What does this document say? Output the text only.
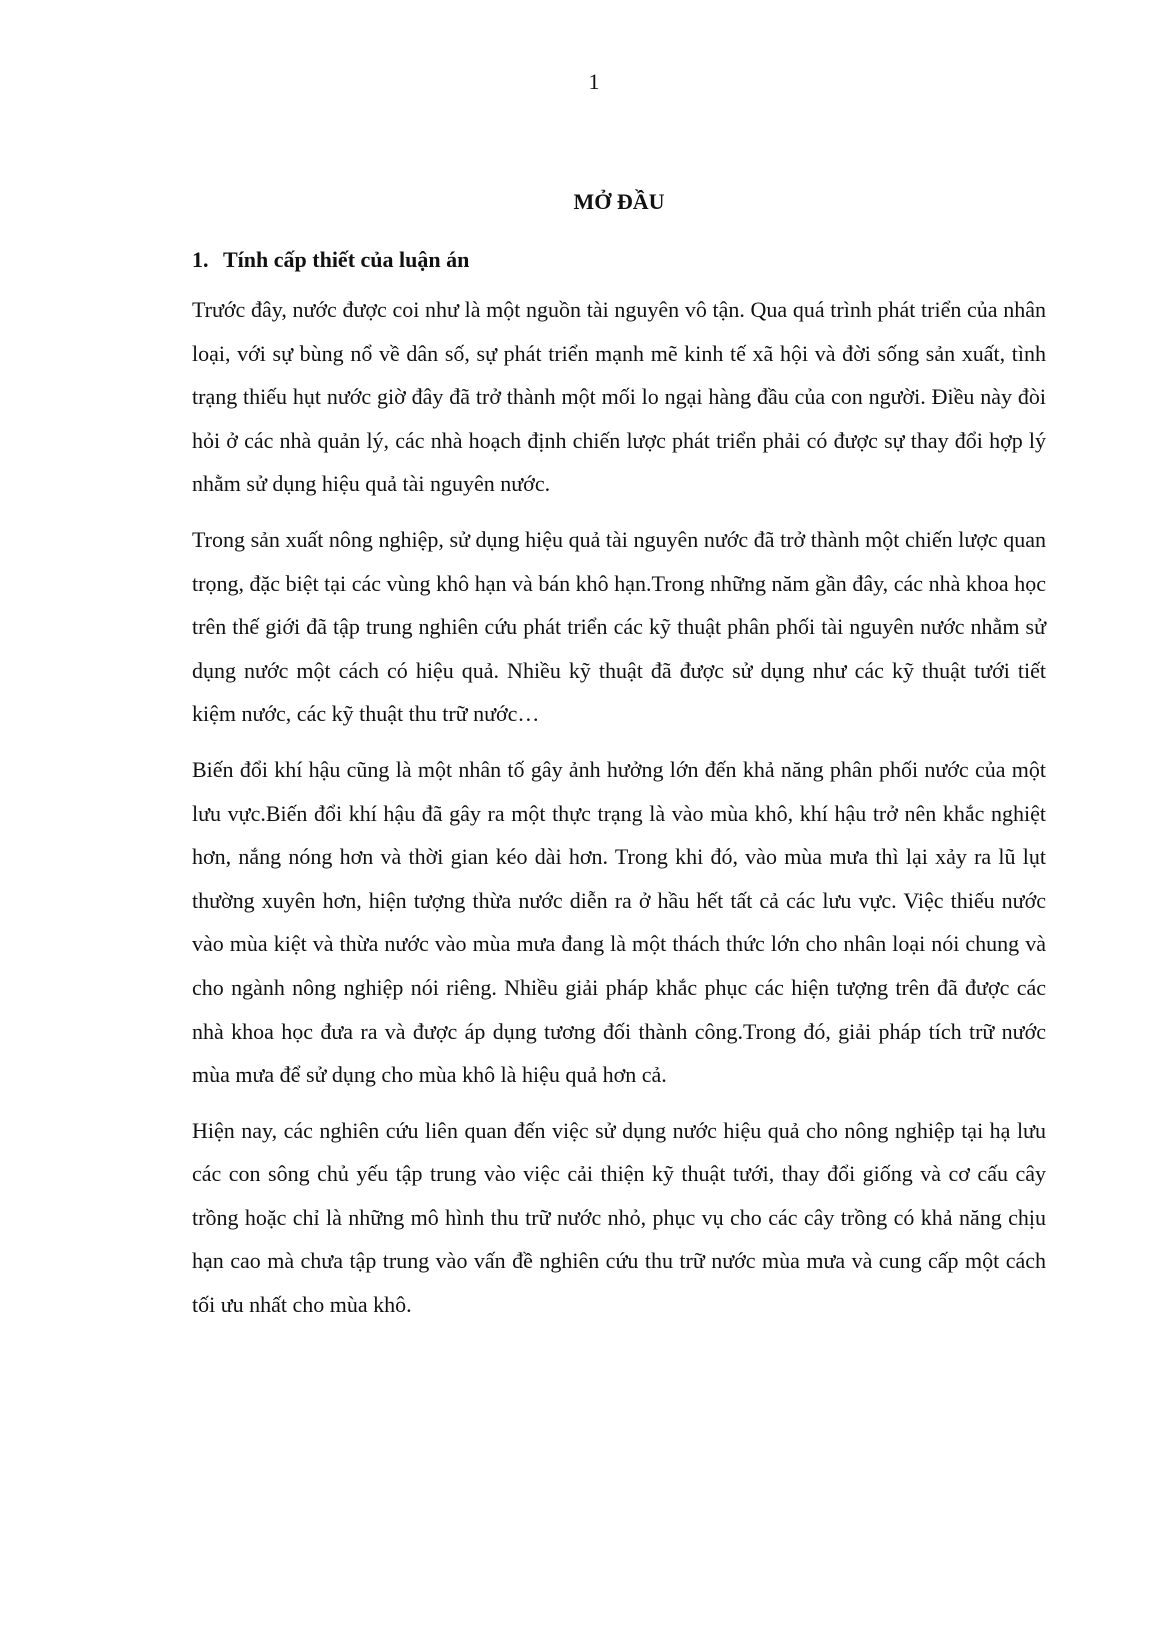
1
MỞ ĐẦU
1. Tính cấp thiết của luận án

Trước đây, nước được coi như là một nguồn tài nguyên vô tận. Qua quá trình phát triển của nhân loại, với sự bùng nổ về dân số, sự phát triển mạnh mẽ kinh tế xã hội và đời sống sản xuất, tình trạng thiếu hụt nước giờ đây đã trở thành một mối lo ngại hàng đầu của con người. Điều này đòi hỏi ở các nhà quản lý, các nhà hoạch định chiến lược phát triển phải có được sự thay đổi hợp lý nhằm sử dụng hiệu quả tài nguyên nước.

Trong sản xuất nông nghiệp, sử dụng hiệu quả tài nguyên nước đã trở thành một chiến lược quan trọng, đặc biệt tại các vùng khô hạn và bán khô hạn.Trong những năm gần đây, các nhà khoa học trên thế giới đã tập trung nghiên cứu phát triển các kỹ thuật phân phối tài nguyên nước nhằm sử dụng nước một cách có hiệu quả. Nhiều kỹ thuật đã được sử dụng như các kỹ thuật tưới tiết kiệm nước, các kỹ thuật thu trữ nước…

Biến đổi khí hậu cũng là một nhân tố gây ảnh hưởng lớn đến khả năng phân phối nước của một lưu vực.Biến đổi khí hậu đã gây ra một thực trạng là vào mùa khô, khí hậu trở nên khắc nghiệt hơn, nắng nóng hơn và thời gian kéo dài hơn. Trong khi đó, vào mùa mưa thì lại xảy ra lũ lụt thường xuyên hơn, hiện tượng thừa nước diễn ra ở hầu hết tất cả các lưu vực. Việc thiếu nước vào mùa kiệt và thừa nước vào mùa mưa đang là một thách thức lớn cho nhân loại nói chung và cho ngành nông nghiệp nói riêng. Nhiều giải pháp khắc phục các hiện tượng trên đã được các nhà khoa học đưa ra và được áp dụng tương đối thành công.Trong đó, giải pháp tích trữ nước mùa mưa để sử dụng cho mùa khô là hiệu quả hơn cả.

Hiện nay, các nghiên cứu liên quan đến việc sử dụng nước hiệu quả cho nông nghiệp tại hạ lưu các con sông chủ yếu tập trung vào việc cải thiện kỹ thuật tưới, thay đổi giống và cơ cấu cây trồng hoặc chỉ là những mô hình thu trữ nước nhỏ, phục vụ cho các cây trồng có khả năng chịu hạn cao mà chưa tập trung vào vấn đề nghiên cứu thu trữ nước mùa mưa và cung cấp một cách tối ưu nhất cho mùa khô.
